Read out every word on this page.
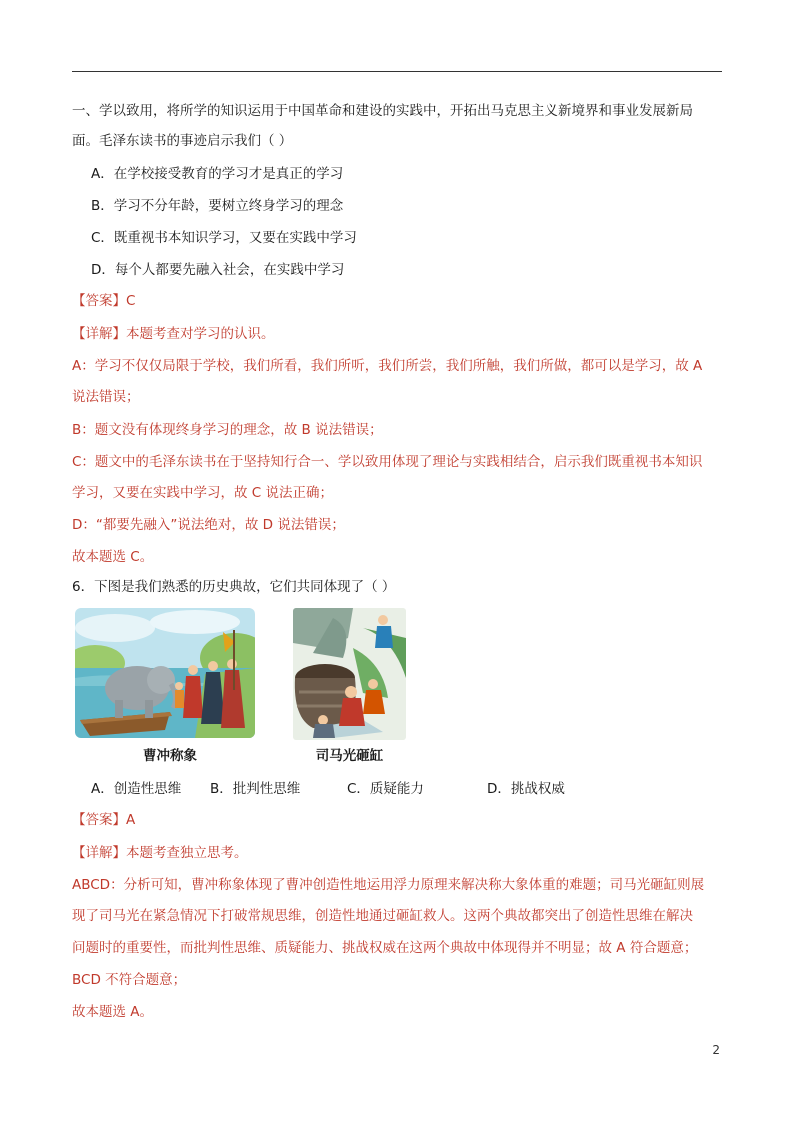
一、学以致用，将所学的知识运用于中国革命和建设的实践中，开拓出马克思主义新境界和事业发展新局
面。毛泽东读书的事迹启示我们（ ）
A．在学校接受教育的学习才是真正的学习
B．学习不分年龄，要树立终身学习的理念
C．既重视书本知识学习，又要在实践中学习
D．每个人都要先融入社会，在实践中学习
【答案】C
【详解】本题考查对学习的认识。
A：学习不仅仅局限于学校，我们所看，我们所听，我们所尝，我们所触，我们所做，都可以是学习，故 A
说法错误；
B：题文没有体现终身学习的理念，故 B 说法错误；
C：题文中的毛泽东读书在于坚持知行合一、学以致用体现了理论与实践相结合，启示我们既重视书本知识
学习，又要在实践中学习，故 C 说法正确；
D：“都要先融入”说法绝对，故 D 说法错误；
故本题选 C。
6．下图是我们熟悉的历史典故，它们共同体现了（ ）
曹冲称象	司马光砸缸
A．创造性思维 B．批判性思维	C．质疑能力	D．挑战权威
【答案】A
【详解】本题考查独立思考。
ABCD：分析可知，曹冲称象体现了曹冲创造性地运用浮力原理来解决称大象体重的难题；司马光砸缸则展
现了司马光在紧急情况下打破常规思维，创造性地通过砸缸救人。这两个典故都突出了创造性思维在解决
问题时的重要性，而批判性思维、质疑能力、挑战权威在这两个典故中体现得并不明显；故 A 符合题意；
BCD 不符合题意；
故本题选 A。
2
